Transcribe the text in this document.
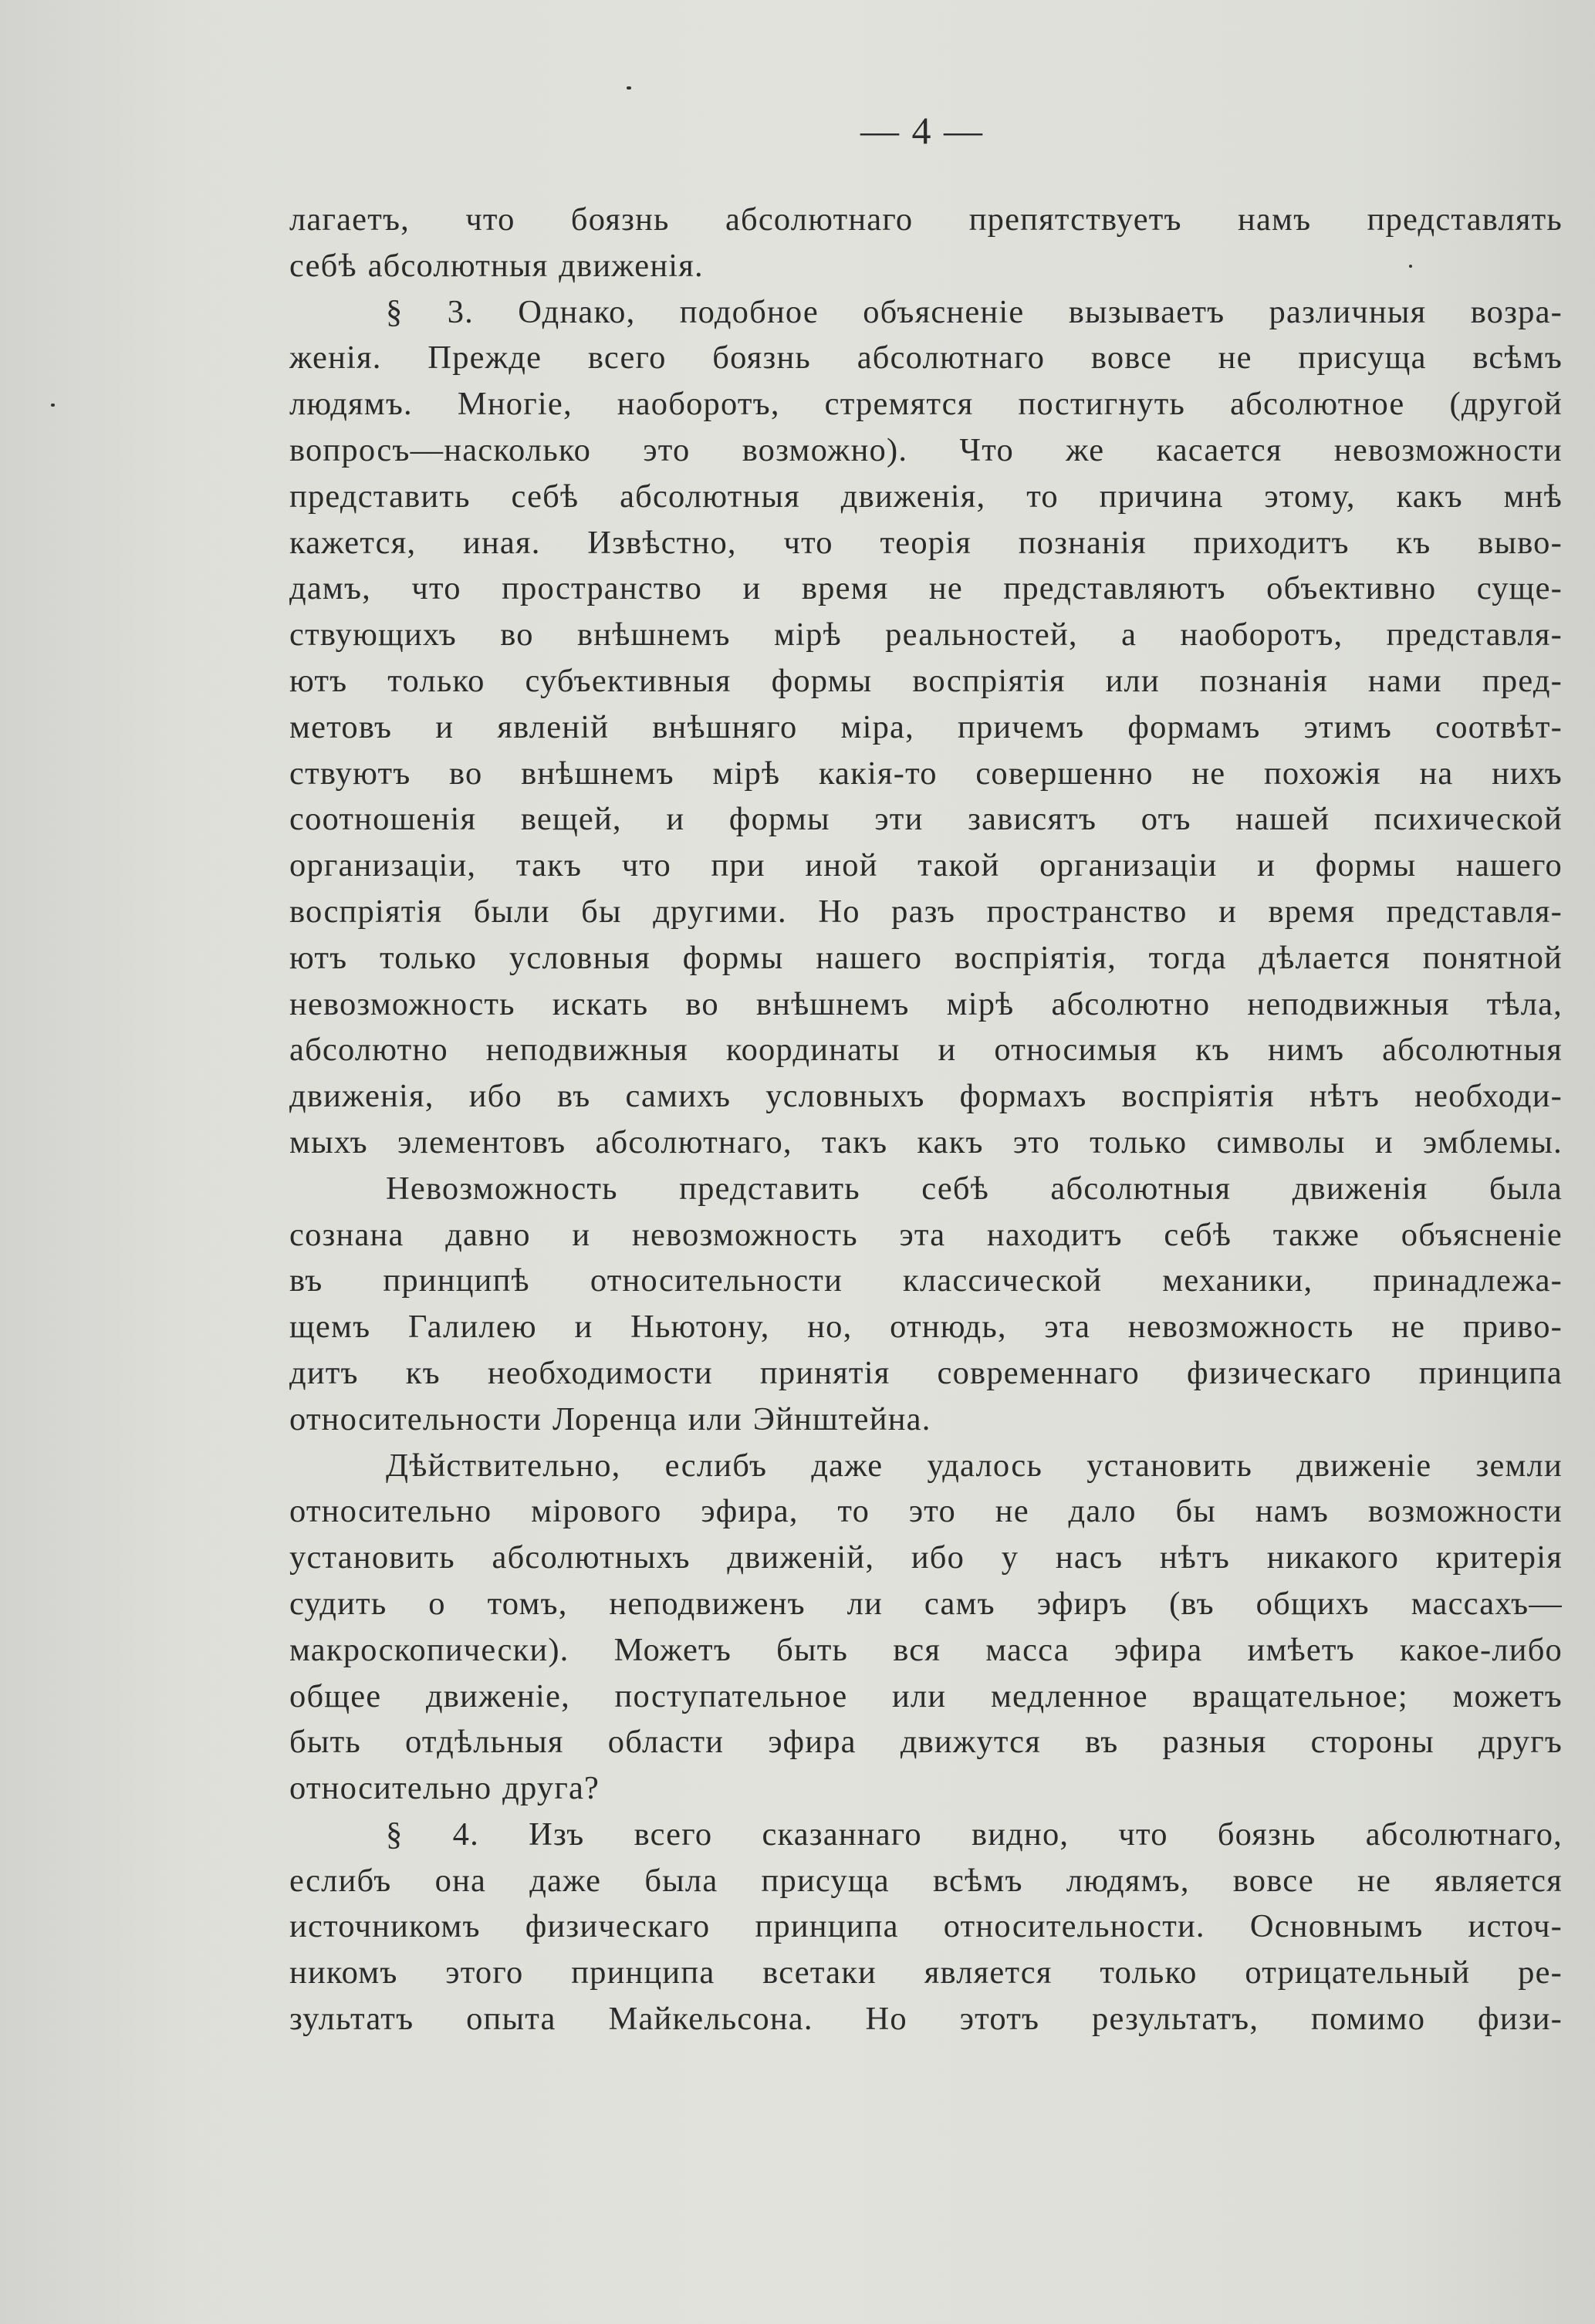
— 4 —
лагаетъ, что боязнь абсолютнаго препятствуетъ намъ представлять
себѣ абсолютныя движенія.
§ 3. Однако, подобное объясненіе вызываетъ различныя возра-
женія. Прежде всего боязнь абсолютнаго вовсе не присуща всѣмъ
людямъ. Многіе, наоборотъ, стремятся постигнуть абсолютное (другой
вопросъ—насколько это возможно). Что же касается невозможности
представить себѣ абсолютныя движенія, то причина этому, какъ мнѣ
кажется, иная. Извѣстно, что теорія познанія приходитъ къ выво-
дамъ, что пространство и время не представляютъ объективно суще-
ствующихъ во внѣшнемъ мірѣ реальностей, а наоборотъ, представля-
ютъ только субъективныя формы воспріятія или познанія нами пред-
метовъ и явленій внѣшняго міра, причемъ формамъ этимъ соотвѣт-
ствуютъ во внѣшнемъ мірѣ какія-то совершенно не похожія на нихъ
соотношенія вещей, и формы эти зависятъ отъ нашей психической
организаціи, такъ что при иной такой организаціи и формы нашего
воспріятія были бы другими. Но разъ пространство и время представля-
ютъ только условныя формы нашего воспріятія, тогда дѣлается понятной
невозможность искать во внѣшнемъ мірѣ абсолютно неподвижныя тѣла,
абсолютно неподвижныя координаты и относимыя къ нимъ абсолютныя
движенія, ибо въ самихъ условныхъ формахъ воспріятія нѣтъ необходи-
мыхъ элементовъ абсолютнаго, такъ какъ это только символы и эмблемы.
Невозможность представить себѣ абсолютныя движенія была
сознана давно и невозможность эта находитъ себѣ также объясненіе
въ принципѣ относительности классической механики, принадлежа-
щемъ Галилею и Ньютону, но, отнюдь, эта невозможность не приво-
дитъ къ необходимости принятія современнаго физическаго принципа
относительности Лоренца или Эйнштейна.
Дѣйствительно, еслибъ даже удалось установить движеніе земли
относительно мірового эфира, то это не дало бы намъ возможности
установить абсолютныхъ движеній, ибо у насъ нѣтъ никакого критерія
судить о томъ, неподвиженъ ли самъ эфиръ (въ общихъ массахъ—
макроскопически). Можетъ быть вся масса эфира имѣетъ какое-либо
общее движеніе, поступательное или медленное вращательное; можетъ
быть отдѣльныя области эфира движутся въ разныя стороны другъ
относительно друга?
§ 4. Изъ всего сказаннаго видно, что боязнь абсолютнаго,
еслибъ она даже была присуща всѣмъ людямъ, вовсе не является
источникомъ физическаго принципа относительности. Основнымъ источ-
никомъ этого принципа всетаки является только отрицательный ре-
зультатъ опыта Майкельсона. Но этотъ результатъ, помимо физи-
